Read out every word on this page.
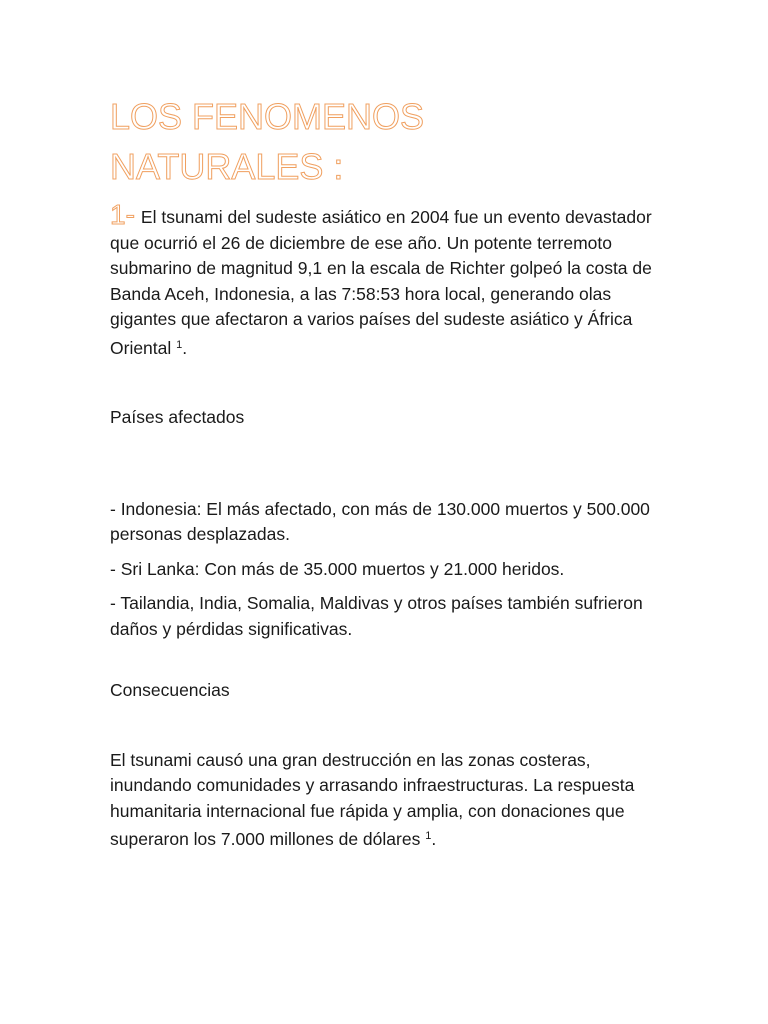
LOS FENOMENOS
NATURALES :

1- El tsunami del sudeste asiático en 2004 fue un evento devastador que ocurrió el 26 de diciembre de ese año. Un potente terremoto submarino de magnitud 9,1 en la escala de Richter golpeó la costa de Banda Aceh, Indonesia, a las 7:58:53 hora local, generando olas gigantes que afectaron a varios países del sudeste asiático y África Oriental $^1$.

Países afectados

- Indonesia: El más afectado, con más de 130.000 muertos y 500.000 personas desplazadas.

- Sri Lanka: Con más de 35.000 muertos y 21.000 heridos.

- Tailandia, India, Somalia, Maldivas y otros países también sufrieron daños y pérdidas significativas.

Consecuencias

El tsunami causó una gran destrucción en las zonas costeras, inundando comunidades y arrasando infraestructuras. La respuesta humanitaria internacional fue rápida y amplia, con donaciones que superaron los 7.000 millones de dólares $^1$.
